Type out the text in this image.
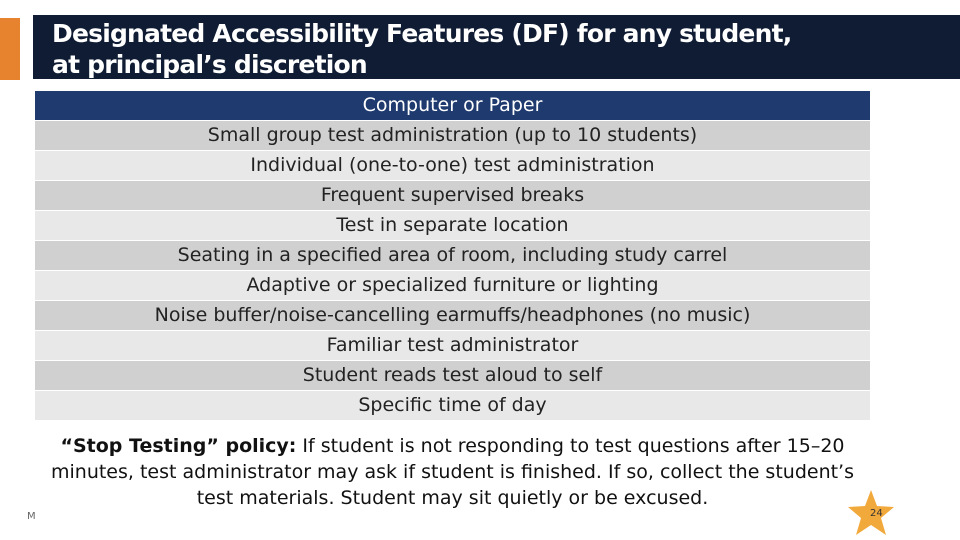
Designated Accessibility Features (DF) for any student,
at principal’s discretion
Computer or Paper
Small group test administration (up to 10 students)
Individual (one-to-one) test administration
Frequent supervised breaks
Test in separate location
Seating in a specified area of room, including study carrel
Adaptive or specialized furniture or lighting
Noise buffer/noise-cancelling earmuffs/headphones (no music)
Familiar test administrator
Student reads test aloud to self
Specific time of day

“Stop Testing” policy: If student is not responding to test questions after 15–20 minutes, test administrator may ask if student is finished. If so, collect the student’s test materials. Student may sit quietly or be excused.

M	24
